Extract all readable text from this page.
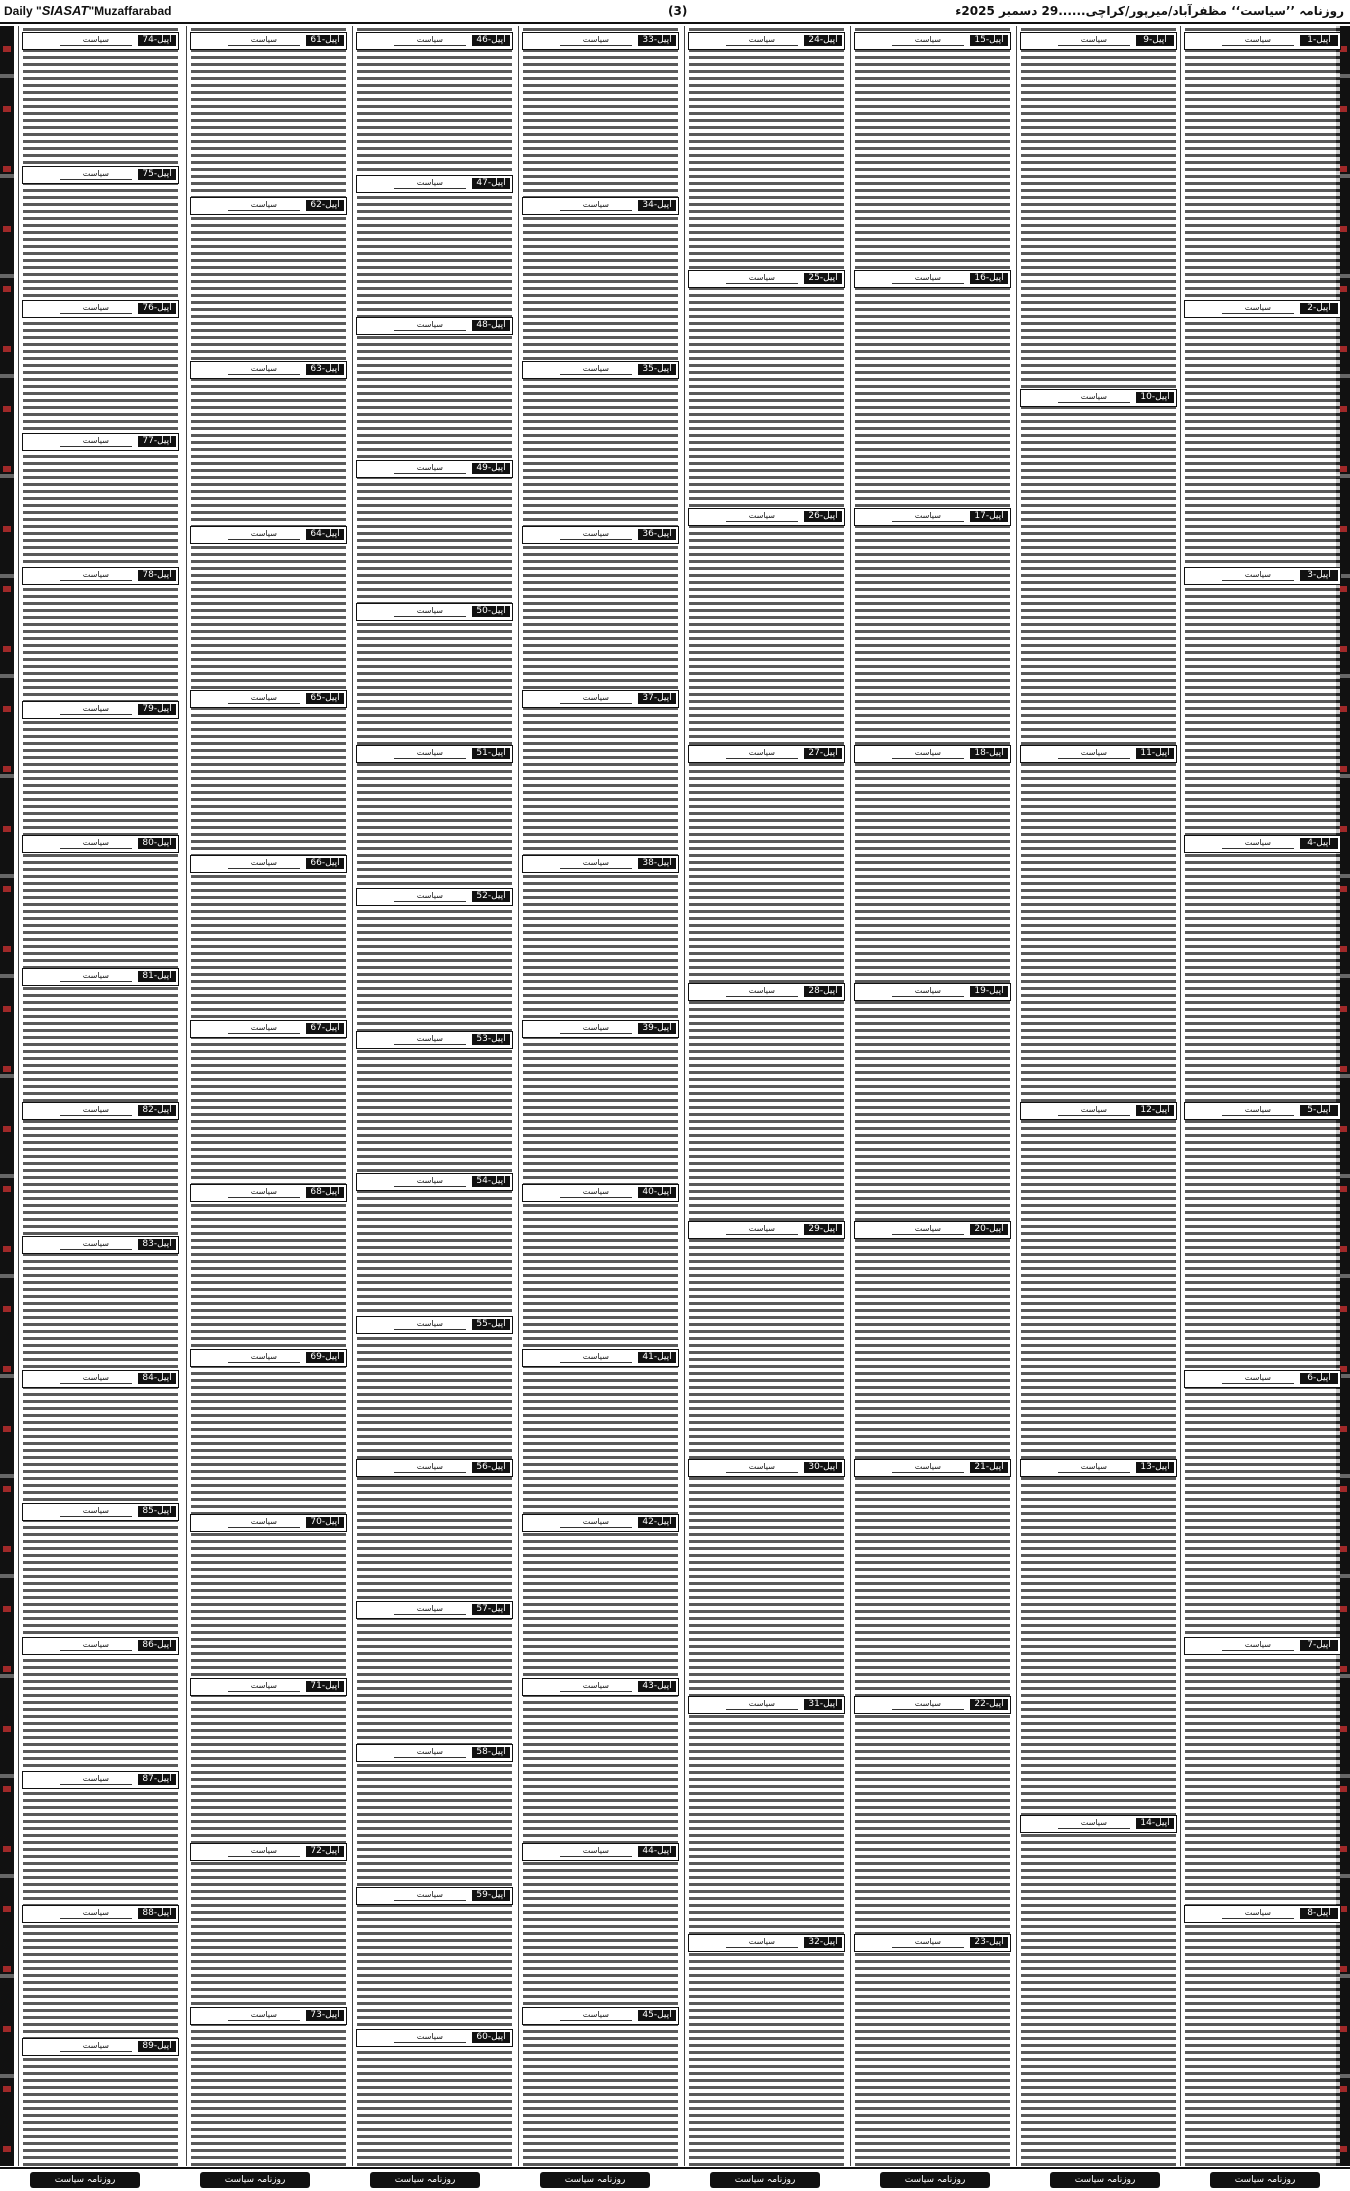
Daily "SIASAT"Muzaffarabad	(3)	روزنامہ ’’سیاست‘‘ مظفرآباد/میرپور/کراچی......29 دسمبر 2025ء
سیاست	اپیل-1
سیاست	اپیل-2
سیاست	اپیل-3
سیاست	اپیل-4
سیاست	اپیل-5
سیاست	اپیل-6
سیاست	اپیل-7
سیاست	اپیل-8
سیاست	اپیل-9
سیاست	اپیل-10
سیاست	اپیل-11
سیاست	اپیل-12
سیاست	اپیل-13
سیاست	اپیل-14
سیاست	اپیل-15
سیاست	اپیل-16
سیاست	اپیل-17
سیاست	اپیل-18
سیاست	اپیل-19
سیاست	اپیل-20
سیاست	اپیل-21
سیاست	اپیل-22
سیاست	اپیل-23
سیاست	اپیل-24
سیاست	اپیل-25
سیاست	اپیل-26
سیاست	اپیل-27
سیاست	اپیل-28
سیاست	اپیل-29
سیاست	اپیل-30
سیاست	اپیل-31
سیاست	اپیل-32
سیاست	اپیل-33
سیاست	اپیل-34
سیاست	اپیل-35
سیاست	اپیل-36
سیاست	اپیل-37
سیاست	اپیل-38
سیاست	اپیل-39
سیاست	اپیل-40
سیاست	اپیل-41
سیاست	اپیل-42
سیاست	اپیل-43
سیاست	اپیل-44
سیاست	اپیل-45
سیاست	اپیل-46
سیاست	اپیل-47
سیاست	اپیل-48
سیاست	اپیل-49
سیاست	اپیل-50
سیاست	اپیل-51
سیاست	اپیل-52
سیاست	اپیل-53
سیاست	اپیل-54
سیاست	اپیل-55
سیاست	اپیل-56
سیاست	اپیل-57
سیاست	اپیل-58
سیاست	اپیل-59
سیاست	اپیل-60
سیاست	اپیل-61
سیاست	اپیل-62
سیاست	اپیل-63
سیاست	اپیل-64
سیاست	اپیل-65
سیاست	اپیل-66
سیاست	اپیل-67
سیاست	اپیل-68
سیاست	اپیل-69
سیاست	اپیل-70
سیاست	اپیل-71
سیاست	اپیل-72
سیاست	اپیل-73
سیاست	اپیل-74
سیاست	اپیل-75
سیاست	اپیل-76
سیاست	اپیل-77
سیاست	اپیل-78
سیاست	اپیل-79
سیاست	اپیل-80
سیاست	اپیل-81
سیاست	اپیل-82
سیاست	اپیل-83
سیاست	اپیل-84
سیاست	اپیل-85
سیاست	اپیل-86
سیاست	اپیل-87
سیاست	اپیل-88
سیاست	اپیل-89
روزنامہ سیاست	روزنامہ سیاست	روزنامہ سیاست	روزنامہ سیاست	روزنامہ سیاست	روزنامہ سیاست	روزنامہ سیاست	روزنامہ سیاست
